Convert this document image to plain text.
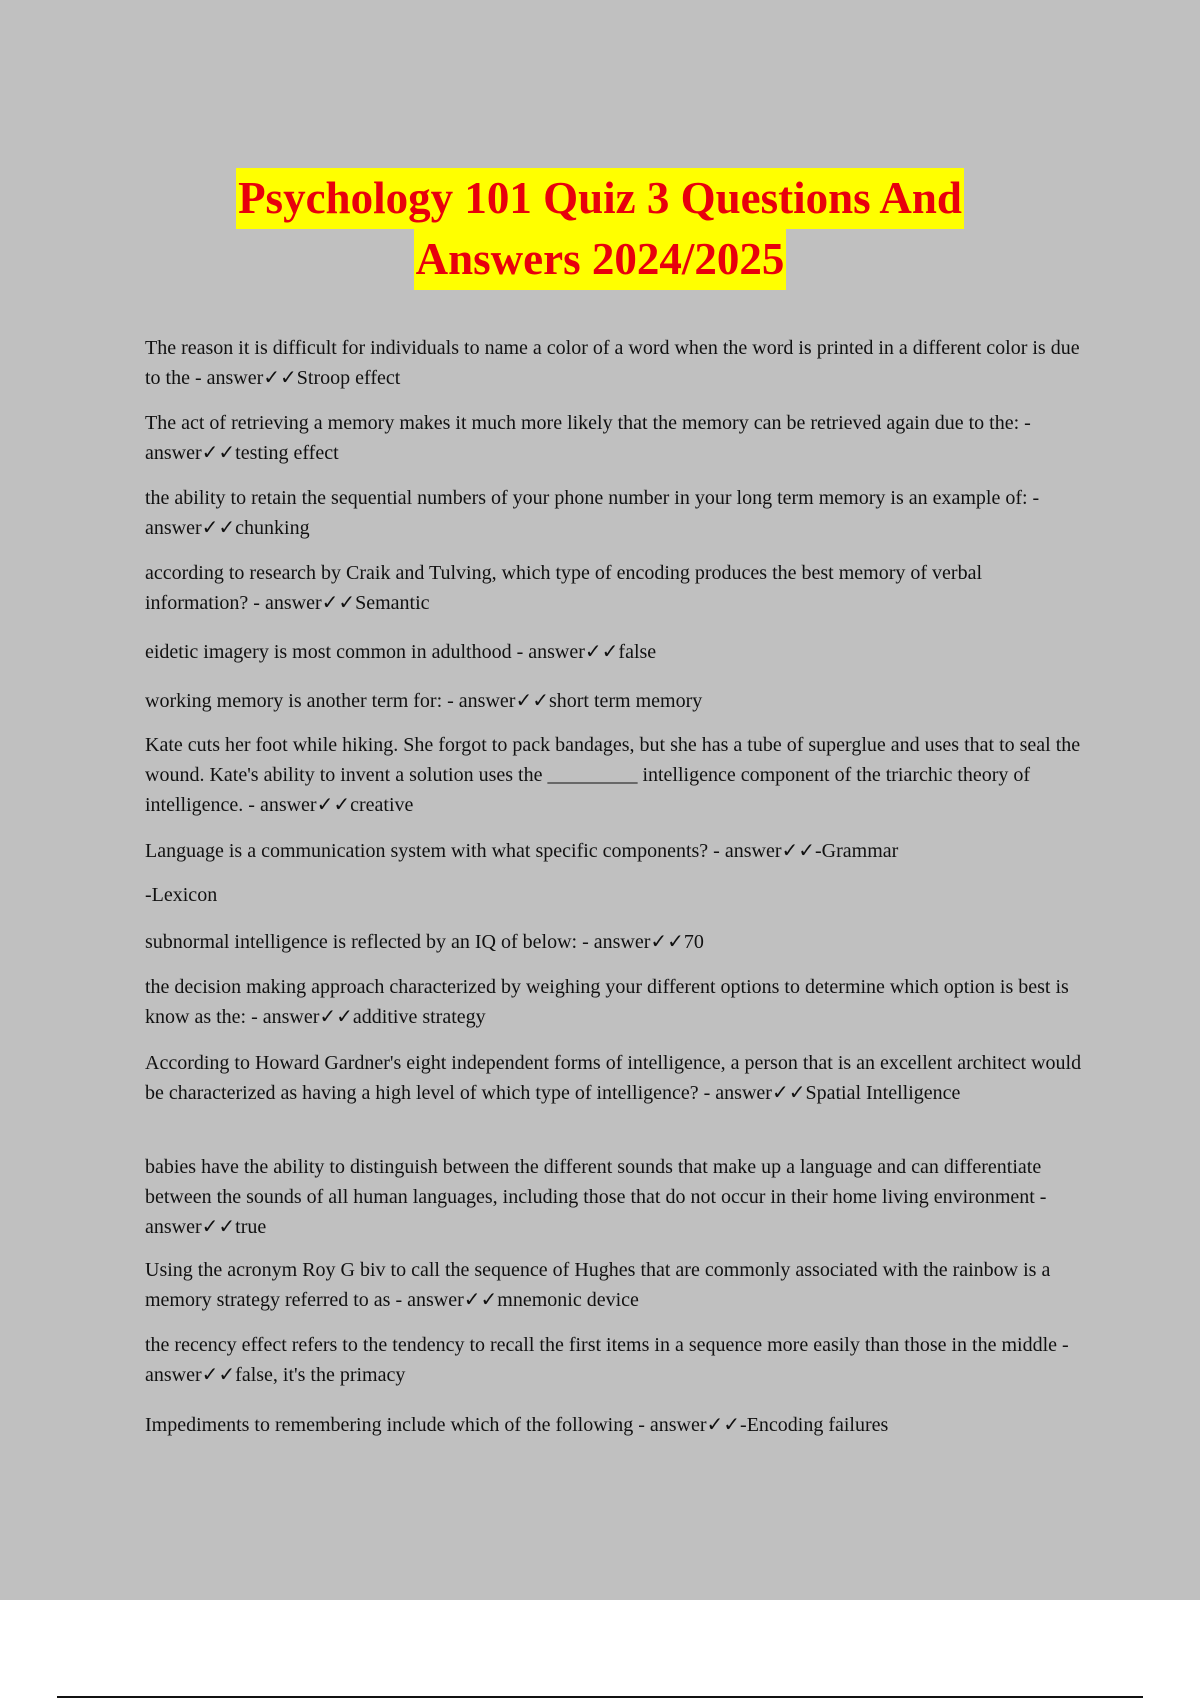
Psychology 101 Quiz 3 Questions And
Answers 2024/2025

The reason it is difficult for individuals to name a color of a word when the word is printed in a different color is due to the - answer✓✓Stroop effect

The act of retrieving a memory makes it much more likely that the memory can be retrieved again due to the: - answer✓✓testing effect

the ability to retain the sequential numbers of your phone number in your long term memory is an example of: - answer✓✓chunking

according to research by Craik and Tulving, which type of encoding produces the best memory of verbal information? - answer✓✓Semantic

eidetic imagery is most common in adulthood - answer✓✓false

working memory is another term for: - answer✓✓short term memory

Kate cuts her foot while hiking. She forgot to pack bandages, but she has a tube of superglue and uses that to seal the wound. Kate's ability to invent a solution uses the _________ intelligence component of the triarchic theory of intelligence. - answer✓✓creative

Language is a communication system with what specific components? - answer✓✓-Grammar

-Lexicon

subnormal intelligence is reflected by an IQ of below: - answer✓✓70

the decision making approach characterized by weighing your different options to determine which option is best is know as the: - answer✓✓additive strategy

According to Howard Gardner's eight independent forms of intelligence, a person that is an excellent architect would be characterized as having a high level of which type of intelligence? - answer✓✓Spatial Intelligence

babies have the ability to distinguish between the different sounds that make up a language and can differentiate between the sounds of all human languages, including those that do not occur in their home living environment - answer✓✓true

Using the acronym Roy G biv to call the sequence of Hughes that are commonly associated with the rainbow is a memory strategy referred to as - answer✓✓mnemonic device

the recency effect refers to the tendency to recall the first items in a sequence more easily than those in the middle - answer✓✓false, it's the primacy

Impediments to remembering include which of the following - answer✓✓-Encoding failures
